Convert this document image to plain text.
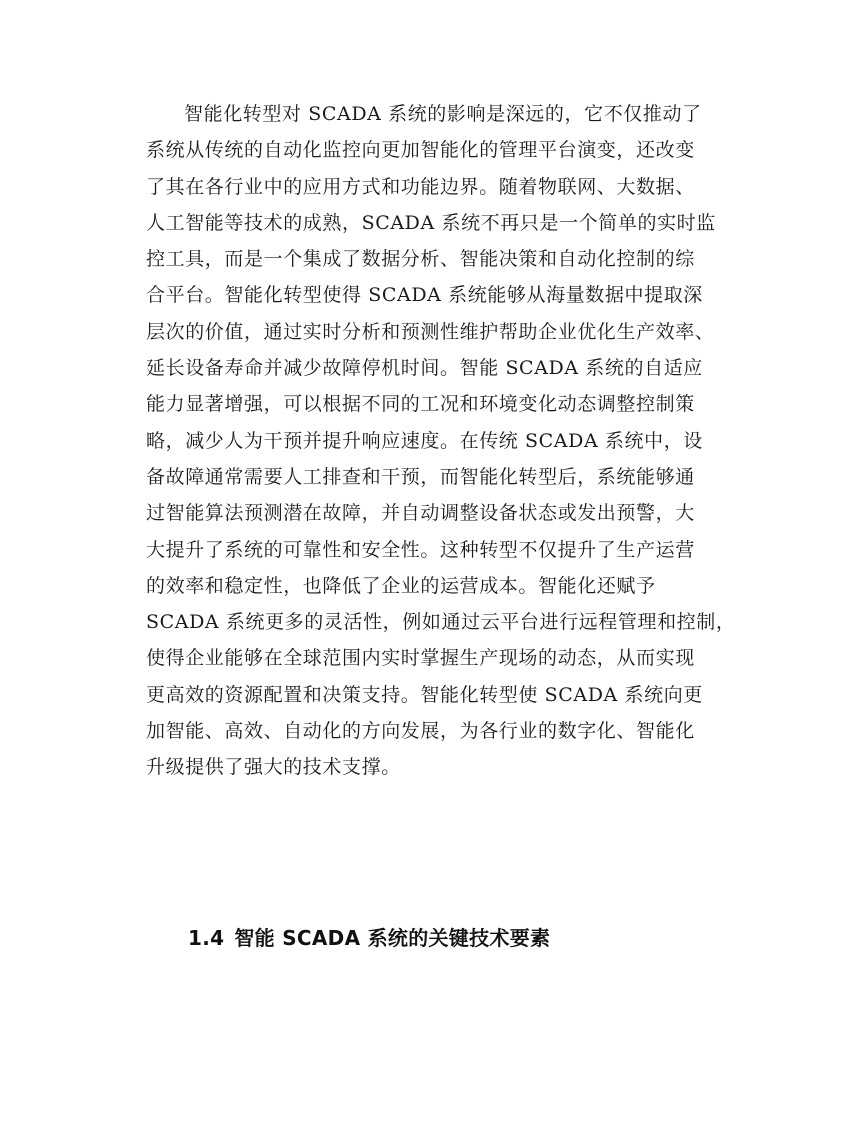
智能化转型对 SCADA 系统的影响是深远的，它不仅推动了
系统从传统的自动化监控向更加智能化的管理平台演变，还改变
了其在各行业中的应用方式和功能边界。随着物联网、大数据、
人工智能等技术的成熟，SCADA 系统不再只是一个简单的实时监
控工具，而是一个集成了数据分析、智能决策和自动化控制的综
合平台。智能化转型使得 SCADA 系统能够从海量数据中提取深
层次的价值，通过实时分析和预测性维护帮助企业优化生产效率、
延长设备寿命并减少故障停机时间。智能 SCADA 系统的自适应
能力显著增强，可以根据不同的工况和环境变化动态调整控制策
略，减少人为干预并提升响应速度。在传统 SCADA 系统中，设
备故障通常需要人工排查和干预，而智能化转型后，系统能够通
过智能算法预测潜在故障，并自动调整设备状态或发出预警，大
大提升了系统的可靠性和安全性。这种转型不仅提升了生产运营
的效率和稳定性，也降低了企业的运营成本。智能化还赋予
SCADA 系统更多的灵活性，例如通过云平台进行远程管理和控制，
使得企业能够在全球范围内实时掌握生产现场的动态，从而实现
更高效的资源配置和决策支持。智能化转型使 SCADA 系统向更
加智能、高效、自动化的方向发展，为各行业的数字化、智能化
升级提供了强大的技术支撑。
1.4 智能 SCADA 系统的关键技术要素
